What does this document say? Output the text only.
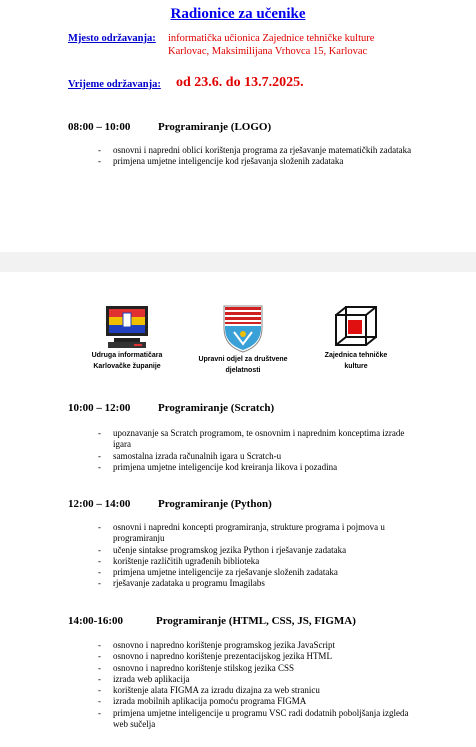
Radionice za učenike
Mjesto održavanja: informatička učionica Zajednice tehničke kulture
Karlovac, Maksimilijana Vrhovca 15, Karlovac
Vrijeme održavanja: od 23.6. do 13.7.2025.
08:00 – 10:00	Programiranje (LOGO)
- osnovni i napredni oblici korištenja programa za rješavanje matematičkih zadataka
- primjena umjetne inteligencije kod rješavanja složenih zadataka
Udruga informatičara
Karlovačke županije
Upravni odjel za društvene
djelatnosti
Zajednica tehničke
kulture
10:00 – 12:00	Programiranje (Scratch)
- upoznavanje sa Scratch programom, te osnovnim i naprednim konceptima izrade igara
- samostalna izrada računalnih igara u Scratch-u
- primjena umjetne inteligencije kod kreiranja likova i pozadina
12:00 – 14:00	Programiranje (Python)
- osnovni i napredni koncepti programiranja, strukture programa i pojmova u programiranju
- učenje sintakse programskog jezika Python i rješavanje zadataka
- korištenje različitih ugrađenih biblioteka
- primjena umjetne inteligencije za rješavanje složenih zadataka
- rješavanje zadataka u programu Imagilabs
14:00-16:00	Programiranje (HTML, CSS, JS, FIGMA)
- osnovno i napredno korištenje programskog jezika JavaScript
- osnovno i napredno korištenje prezentacijskog jezika HTML
- osnovno i napredno korištenje stilskog jezika CSS
- izrada web aplikacija
- korištenje alata FIGMA za izradu dizajna za web stranicu
- izrada mobilnih aplikacija pomoću programa FIGMA
- primjena umjetne inteligencije u programu VSC radi dodatnih poboljšanja izgleda web sučelja
